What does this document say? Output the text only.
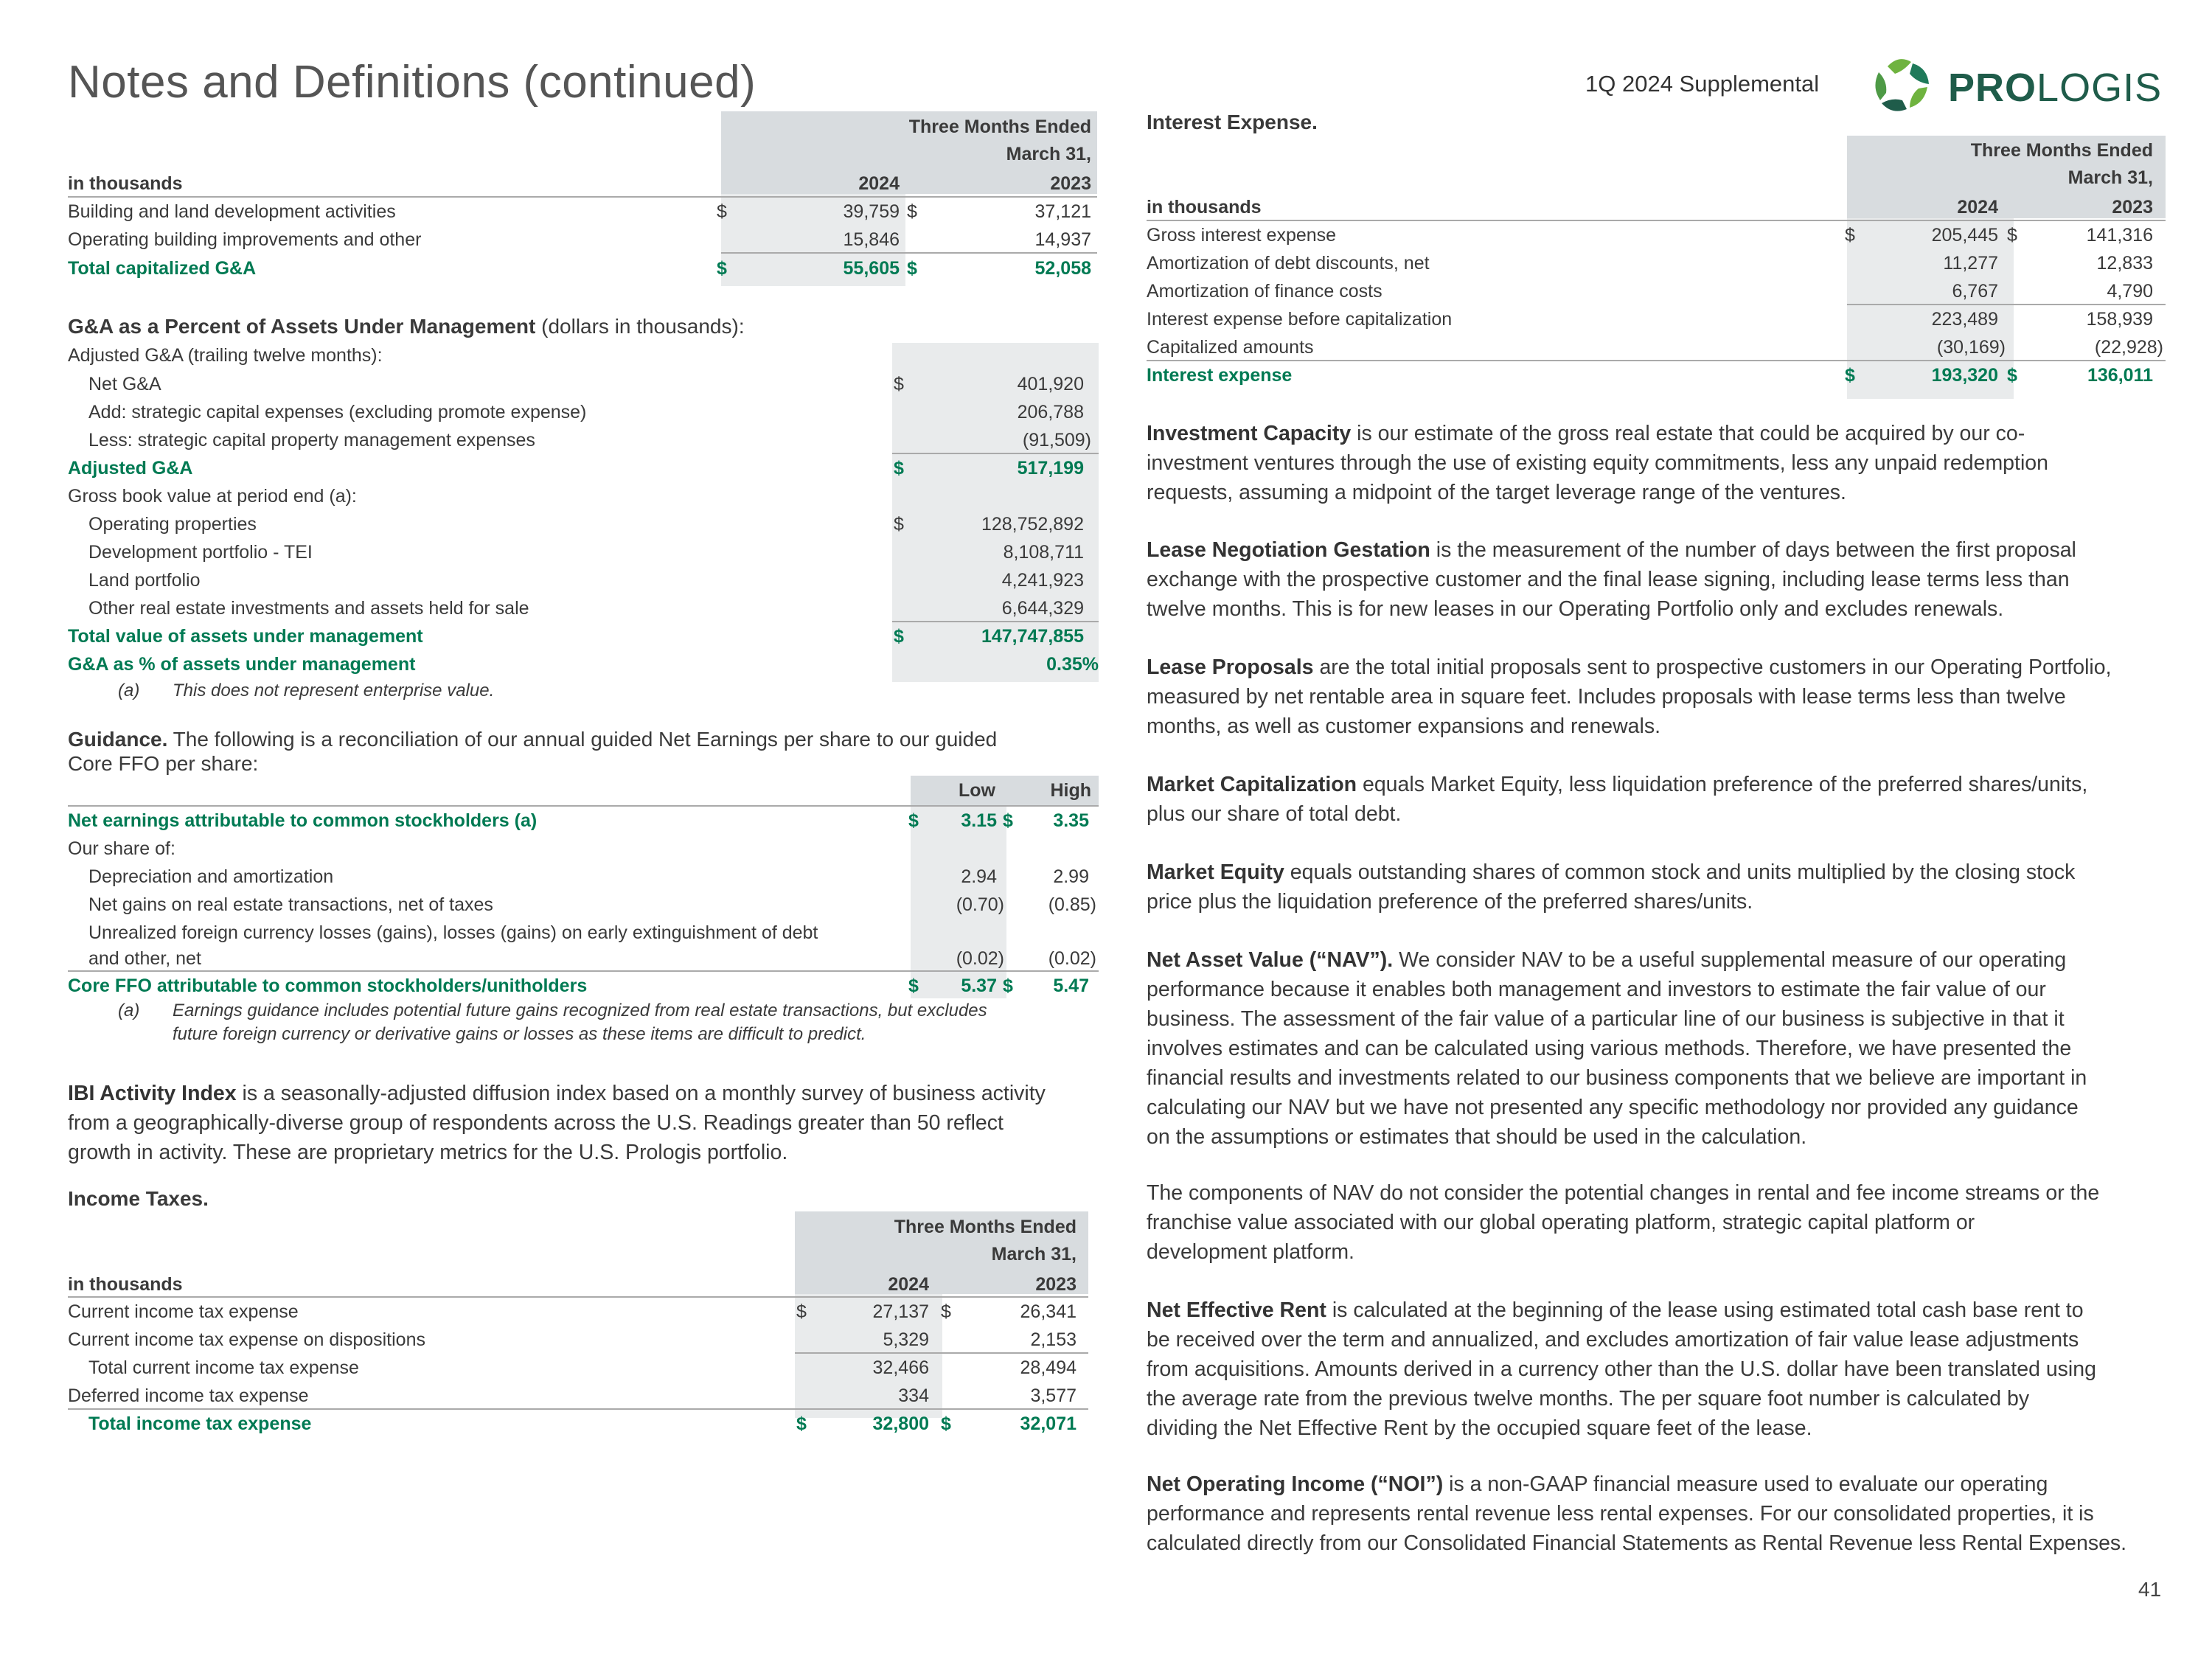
Notes and Definitions (continued)	1Q 2024 Supplemental	PROLOGIS
Three Months Ended
March 31,
in thousands	2024	2023
Building and land development activities	$	39,759 $	37,121
Operating building improvements and other	15,846	14,937
Total capitalized G&A	$	55,605 $	52,058
G&A as a Percent of Assets Under Management (dollars in thousands):
Adjusted G&A (trailing twelve months):
Net G&A	$	401,920
Add: strategic capital expenses (excluding promote expense)	206,788
Less: strategic capital property management expenses	(91,509)
Adjusted G&A	$	517,199
Gross book value at period end (a):
Operating properties	$	128,752,892
Development portfolio - TEI	8,108,711
Land portfolio	4,241,923
Other real estate investments and assets held for sale	6,644,329
Total value of assets under management	$	147,747,855
G&A as % of assets under management	0.35%
(a) This does not represent enterprise value.
Guidance. The following is a reconciliation of our annual guided Net Earnings per share to our guided
Core FFO per share:
Low	High
Net earnings attributable to common stockholders (a)	$	3.15 $	3.35
Our share of:
Depreciation and amortization	2.94	2.99
Net gains on real estate transactions, net of taxes	(0.70)	(0.85)
Unrealized foreign currency losses (gains), losses (gains) on early extinguishment of debt
and other, net	(0.02)	(0.02)
Core FFO attributable to common stockholders/unitholders	$	5.37 $	5.47
(a) Earnings guidance includes potential future gains recognized from real estate transactions, but excludes
future foreign currency or derivative gains or losses as these items are difficult to predict.
IBI Activity Index is a seasonally-adjusted diffusion index based on a monthly survey of business activity
from a geographically-diverse group of respondents across the U.S. Readings greater than 50 reflect
growth in activity. These are proprietary metrics for the U.S. Prologis portfolio.
Income Taxes.
Three Months Ended
March 31,
in thousands	2024	2023
Current income tax expense	$	27,137 $	26,341
Current income tax expense on dispositions	5,329	2,153
Total current income tax expense	32,466	28,494
Deferred income tax expense	334	3,577
Total income tax expense	$	32,800 $	32,071
Interest Expense.
Three Months Ended
March 31,
in thousands	2024	2023
Gross interest expense	$	205,445 $	141,316
Amortization of debt discounts, net	11,277	12,833
Amortization of finance costs	6,767	4,790
Interest expense before capitalization	223,489	158,939
Capitalized amounts	(30,169)	(22,928)
Interest expense	$	193,320 $	136,011
Investment Capacity is our estimate of the gross real estate that could be acquired by our co-
investment ventures through the use of existing equity commitments, less any unpaid redemption
requests, assuming a midpoint of the target leverage range of the ventures.
Lease Negotiation Gestation is the measurement of the number of days between the first proposal
exchange with the prospective customer and the final lease signing, including lease terms less than
twelve months. This is for new leases in our Operating Portfolio only and excludes renewals.
Lease Proposals are the total initial proposals sent to prospective customers in our Operating Portfolio,
measured by net rentable area in square feet. Includes proposals with lease terms less than twelve
months, as well as customer expansions and renewals.
Market Capitalization equals Market Equity, less liquidation preference of the preferred shares/units,
plus our share of total debt.
Market Equity equals outstanding shares of common stock and units multiplied by the closing stock
price plus the liquidation preference of the preferred shares/units.
Net Asset Value (“NAV”). We consider NAV to be a useful supplemental measure of our operating
performance because it enables both management and investors to estimate the fair value of our
business. The assessment of the fair value of a particular line of our business is subjective in that it
involves estimates and can be calculated using various methods. Therefore, we have presented the
financial results and investments related to our business components that we believe are important in
calculating our NAV but we have not presented any specific methodology nor provided any guidance
on the assumptions or estimates that should be used in the calculation.
The components of NAV do not consider the potential changes in rental and fee income streams or the
franchise value associated with our global operating platform, strategic capital platform or
development platform.
Net Effective Rent is calculated at the beginning of the lease using estimated total cash base rent to
be received over the term and annualized, and excludes amortization of fair value lease adjustments
from acquisitions. Amounts derived in a currency other than the U.S. dollar have been translated using
the average rate from the previous twelve months. The per square foot number is calculated by
dividing the Net Effective Rent by the occupied square feet of the lease.
Net Operating Income (“NOI”) is a non-GAAP financial measure used to evaluate our operating
performance and represents rental revenue less rental expenses. For our consolidated properties, it is
calculated directly from our Consolidated Financial Statements as Rental Revenue less Rental Expenses.
41
